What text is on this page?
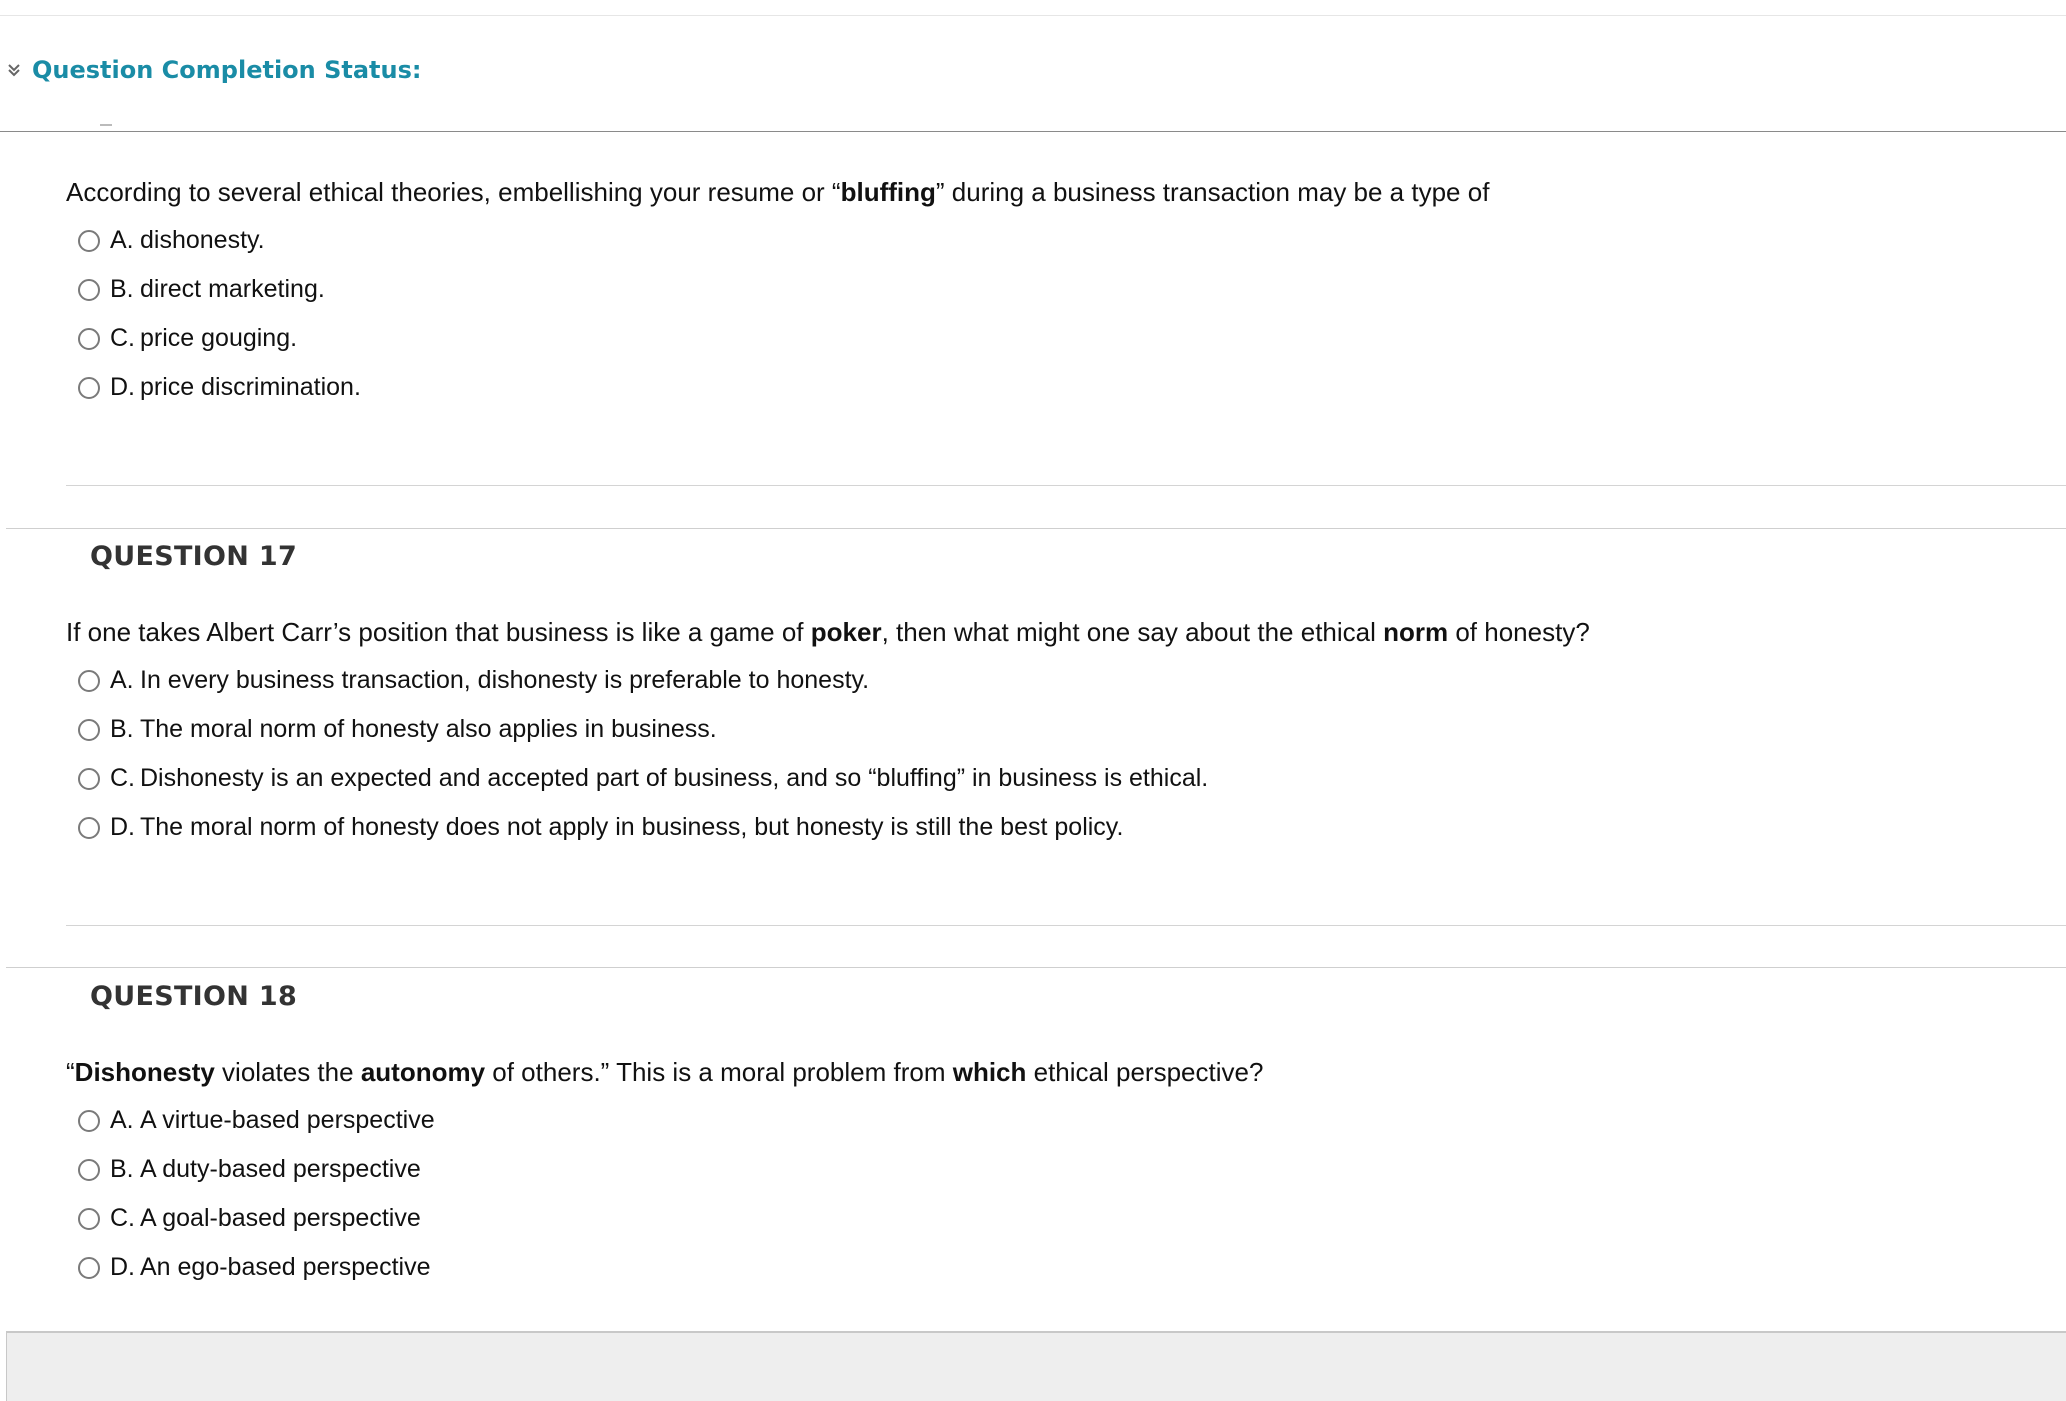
Question Completion Status:
According to several ethical theories, embellishing your resume or “bluffing” during a business transaction may be a type of
A. dishonesty.
B. direct marketing.
C. price gouging.
D. price discrimination.
QUESTION 17
If one takes Albert Carr’s position that business is like a game of poker, then what might one say about the ethical norm of honesty?
A. In every business transaction, dishonesty is preferable to honesty.
B. The moral norm of honesty also applies in business.
C. Dishonesty is an expected and accepted part of business, and so “bluffing” in business is ethical.
D. The moral norm of honesty does not apply in business, but honesty is still the best policy.
QUESTION 18
“Dishonesty violates the autonomy of others.” This is a moral problem from which ethical perspective?
A. A virtue-based perspective
B. A duty-based perspective
C. A goal-based perspective
D. An ego-based perspective
